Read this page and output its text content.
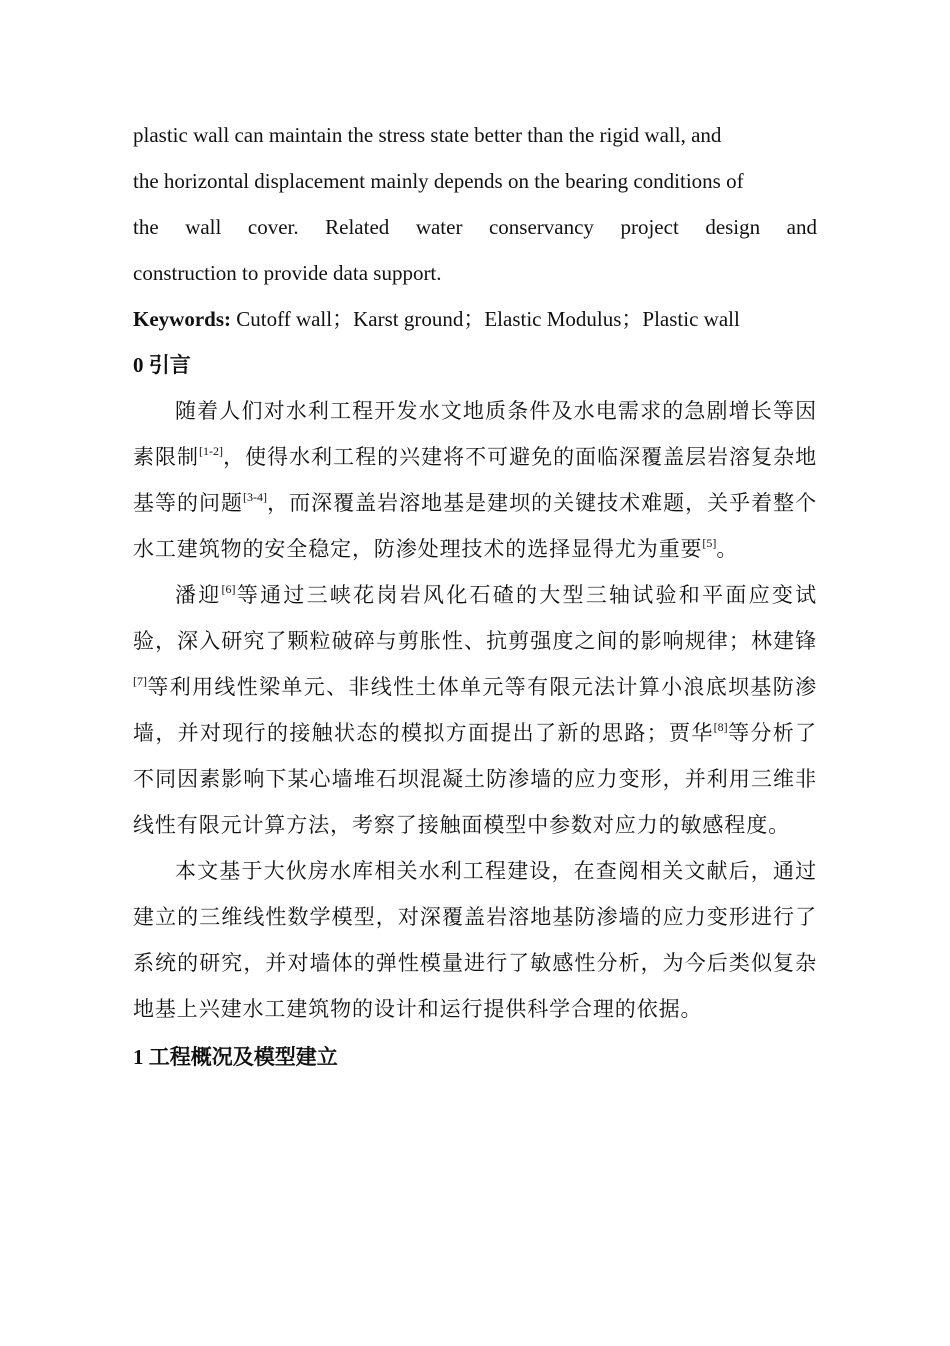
plastic wall can maintain the stress state better than the rigid wall, and
the horizontal displacement mainly depends on the bearing conditions of
the wall cover. Related water conservancy project design and
construction to provide data support.
Keywords: Cutoff wall；Karst ground；Elastic Modulus；Plastic wall
0 引言

随着人们对水利工程开发水文地质条件及水电需求的急剧增长等因素限制[1-2]，使得水利工程的兴建将不可避免的面临深覆盖层岩溶复杂地基等的问题[3-4]，而深覆盖岩溶地基是建坝的关键技术难题，关乎着整个水工建筑物的安全稳定，防渗处理技术的选择显得尤为重要[5]。

潘迎[6]等通过三峡花岗岩风化石碴的大型三轴试验和平面应变试验，深入研究了颗粒破碎与剪胀性、抗剪强度之间的影响规律；林建锋[7]等利用线性梁单元、非线性土体单元等有限元法计算小浪底坝基防渗墙，并对现行的接触状态的模拟方面提出了新的思路；贾华[8]等分析了不同因素影响下某心墙堆石坝混凝土防渗墙的应力变形，并利用三维非线性有限元计算方法，考察了接触面模型中参数对应力的敏感程度。

本文基于大伙房水库相关水利工程建设，在查阅相关文献后，通过建立的三维线性数学模型，对深覆盖岩溶地基防渗墙的应力变形进行了系统的研究，并对墙体的弹性模量进行了敏感性分析，为今后类似复杂地基上兴建水工建筑物的设计和运行提供科学合理的依据。

1 工程概况及模型建立
